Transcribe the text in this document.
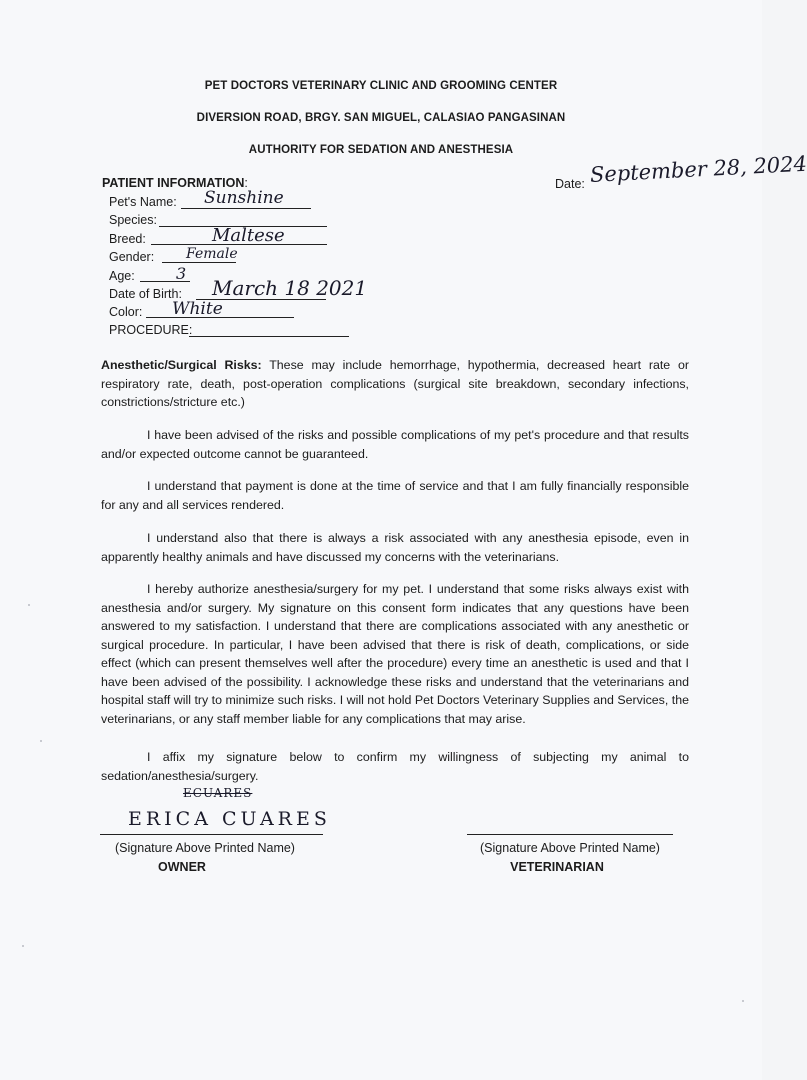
PET DOCTORS VETERINARY CLINIC AND GROOMING CENTER
DIVERSION ROAD, BRGY. SAN MIGUEL, CALASIAO PANGASINAN
AUTHORITY FOR SEDATION AND ANESTHESIA
PATIENT INFORMATION:	Date: September 28, 2024
Pet's Name: Sunshine
Species:
Breed:	Maltese
Gender: Female
Age:	3
Date of Birth: March 18 2021
Color: White
PROCEDURE:
Anesthetic/Surgical Risks: These may include hemorrhage, hypothermia, decreased heart rate or respiratory rate, death, post-operation complications (surgical site breakdown, secondary infections, constrictions/stricture etc.)
I have been advised of the risks and possible complications of my pet's procedure and that results and/or expected outcome cannot be guaranteed.
I understand that payment is done at the time of service and that I am fully financially responsible for any and all services rendered.
I understand also that there is always a risk associated with any anesthesia episode, even in apparently healthy animals and have discussed my concerns with the veterinarians.
I hereby authorize anesthesia/surgery for my pet. I understand that some risks always exist with anesthesia and/or surgery. My signature on this consent form indicates that any questions have been answered to my satisfaction. I understand that there are complications associated with any anesthetic or surgical procedure. In particular, I have been advised that there is risk of death, complications, or side effect (which can present themselves well after the procedure) every time an anesthetic is used and that I have been advised of the possibility. I acknowledge these risks and understand that the veterinarians and hospital staff will try to minimize such risks. I will not hold Pet Doctors Veterinary Supplies and Services, the veterinarians, or any staff member liable for any complications that may arise.
I affix my signature below to confirm my willingness of subjecting my animal to sedation/anesthesia/surgery.
ECUARES
ERICA CUARES
(Signature Above Printed Name)
OWNER
(Signature Above Printed Name)
VETERINARIAN
